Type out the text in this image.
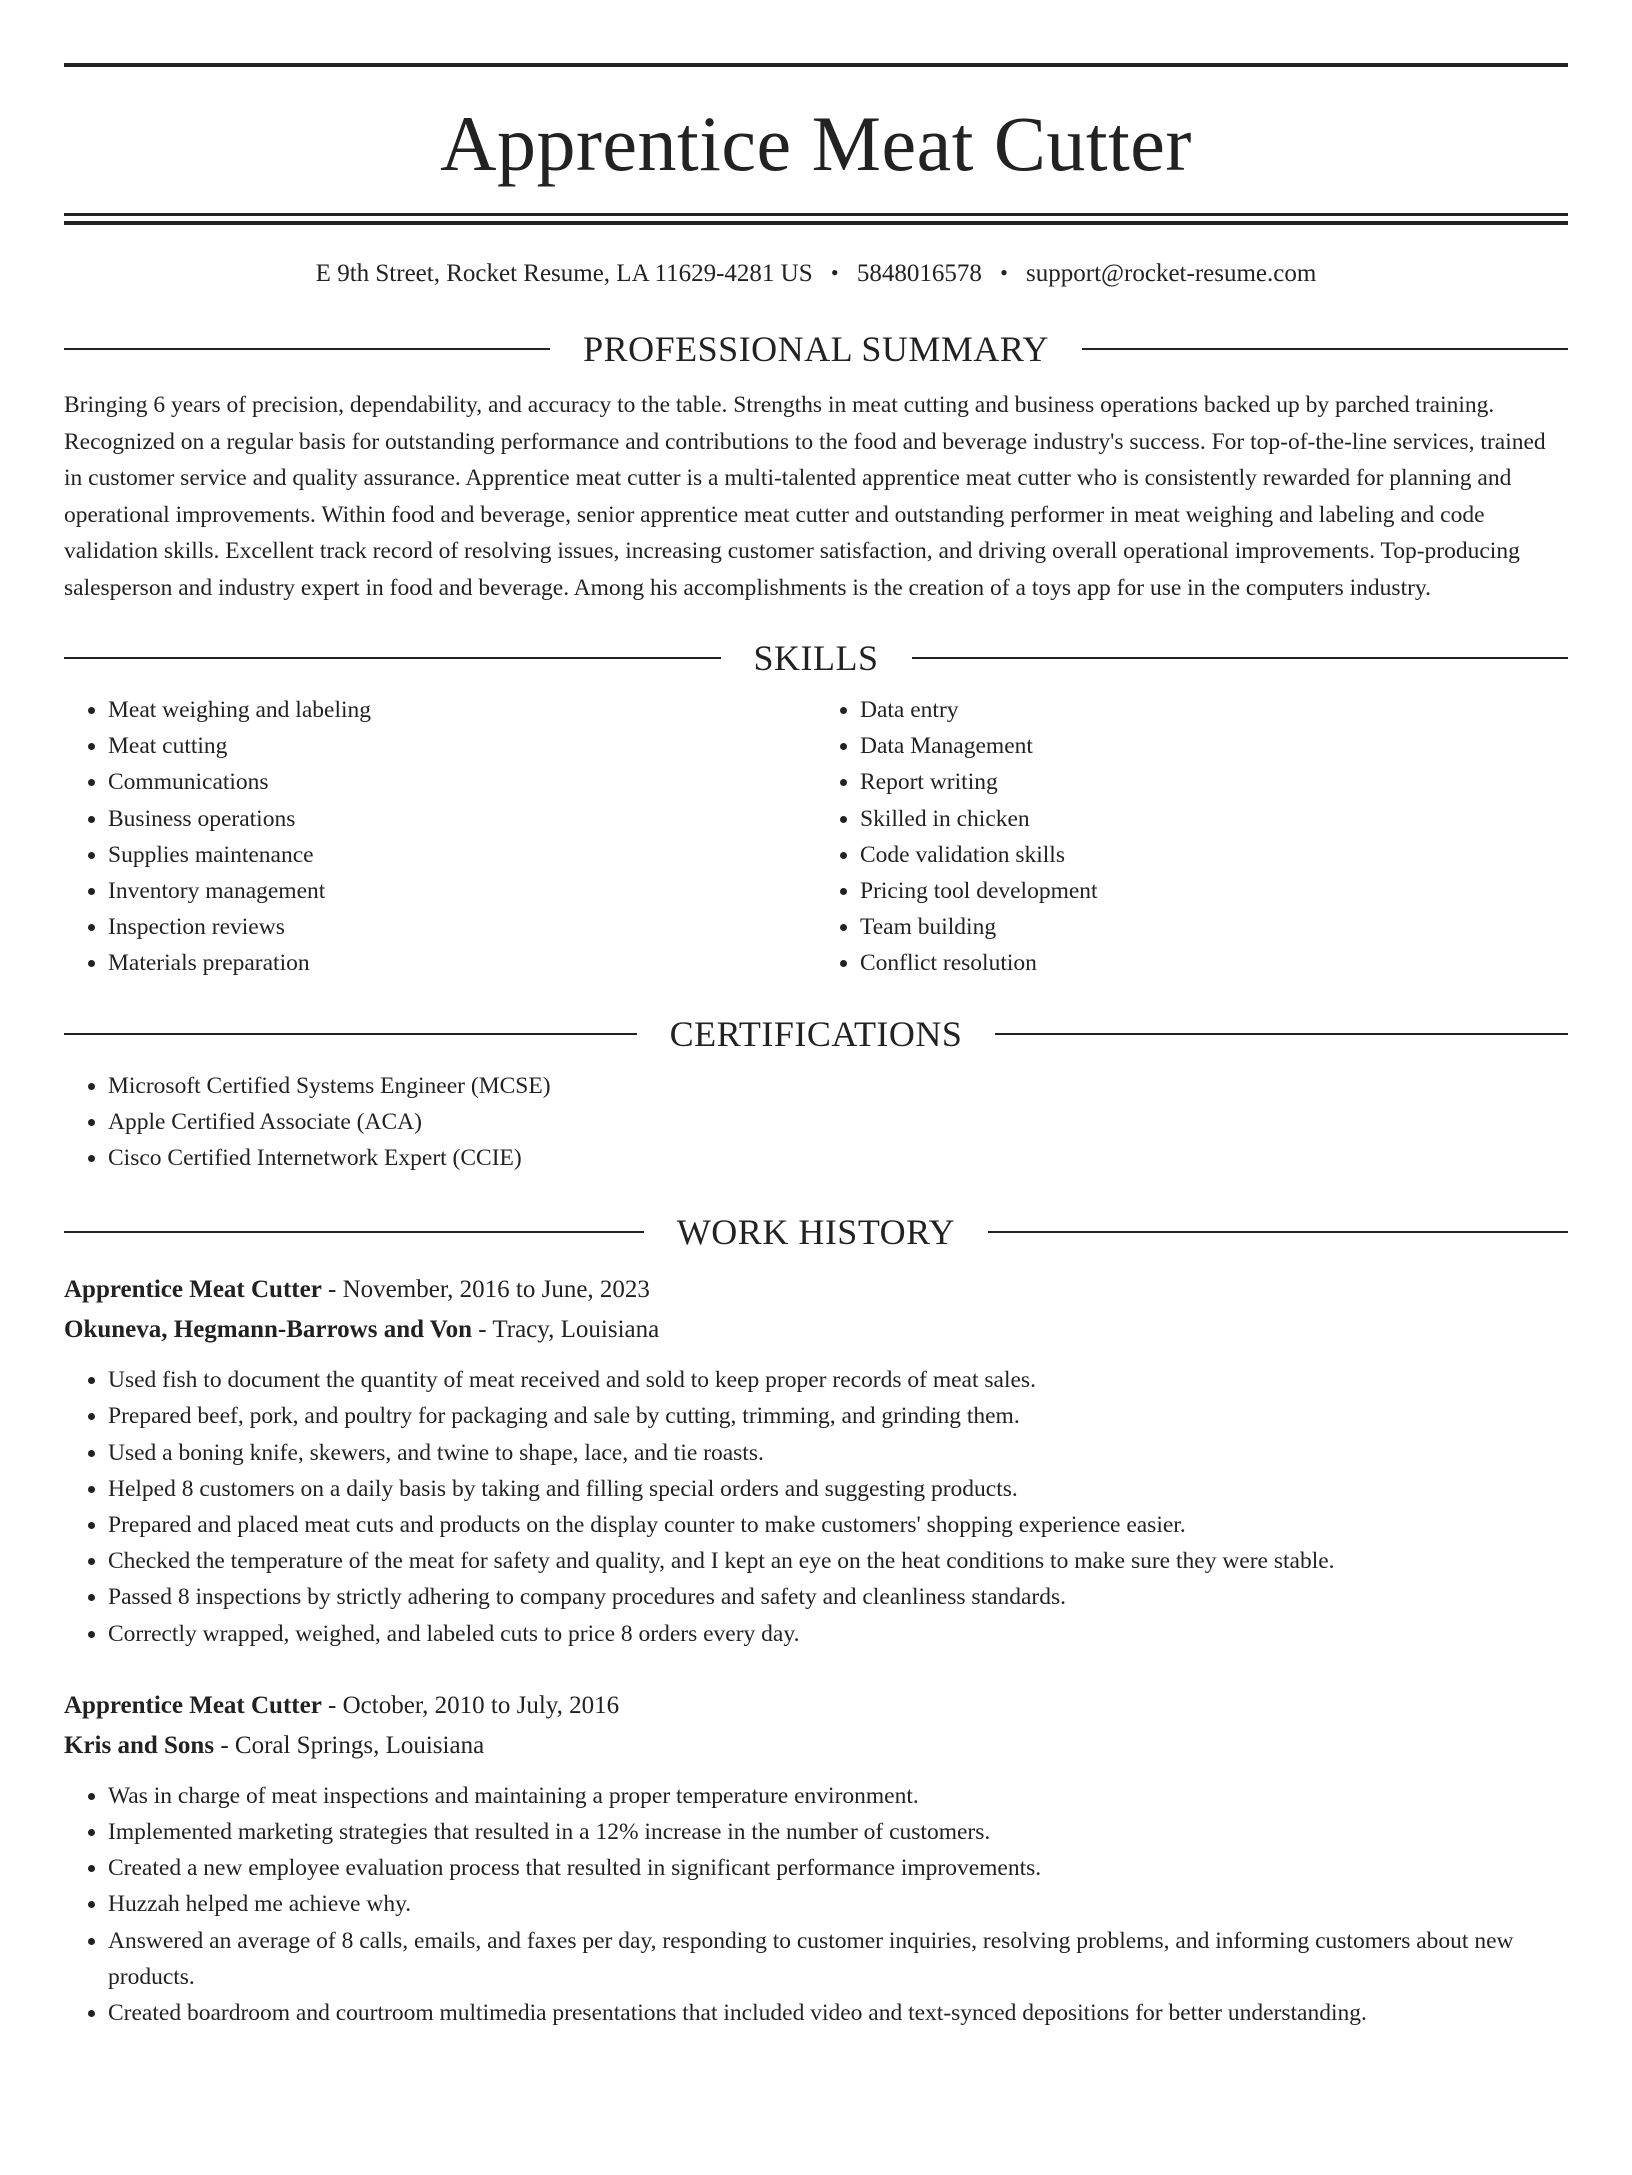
Apprentice Meat Cutter
E 9th Street, Rocket Resume, LA 11629-4281 US • 5848016578 • support@rocket-resume.com
PROFESSIONAL SUMMARY
Bringing 6 years of precision, dependability, and accuracy to the table. Strengths in meat cutting and business operations backed up by parched training. Recognized on a regular basis for outstanding performance and contributions to the food and beverage industry's success. For top-of-the-line services, trained in customer service and quality assurance. Apprentice meat cutter is a multi-talented apprentice meat cutter who is consistently rewarded for planning and operational improvements. Within food and beverage, senior apprentice meat cutter and outstanding performer in meat weighing and labeling and code validation skills. Excellent track record of resolving issues, increasing customer satisfaction, and driving overall operational improvements. Top-producing salesperson and industry expert in food and beverage. Among his accomplishments is the creation of a toys app for use in the computers industry.
SKILLS
• Meat weighing and labeling
• Meat cutting
• Communications
• Business operations
• Supplies maintenance
• Inventory management
• Inspection reviews
• Materials preparation
• Data entry
• Data Management
• Report writing
• Skilled in chicken
• Code validation skills
• Pricing tool development
• Team building
• Conflict resolution
CERTIFICATIONS
• Microsoft Certified Systems Engineer (MCSE)
• Apple Certified Associate (ACA)
• Cisco Certified Internetwork Expert (CCIE)
WORK HISTORY
Apprentice Meat Cutter - November, 2016 to June, 2023
Okuneva, Hegmann-Barrows and Von - Tracy, Louisiana
• Used fish to document the quantity of meat received and sold to keep proper records of meat sales.
• Prepared beef, pork, and poultry for packaging and sale by cutting, trimming, and grinding them.
• Used a boning knife, skewers, and twine to shape, lace, and tie roasts.
• Helped 8 customers on a daily basis by taking and filling special orders and suggesting products.
• Prepared and placed meat cuts and products on the display counter to make customers' shopping experience easier.
• Checked the temperature of the meat for safety and quality, and I kept an eye on the heat conditions to make sure they were stable.
• Passed 8 inspections by strictly adhering to company procedures and safety and cleanliness standards.
• Correctly wrapped, weighed, and labeled cuts to price 8 orders every day.
Apprentice Meat Cutter - October, 2010 to July, 2016
Kris and Sons - Coral Springs, Louisiana
• Was in charge of meat inspections and maintaining a proper temperature environment.
• Implemented marketing strategies that resulted in a 12% increase in the number of customers.
• Created a new employee evaluation process that resulted in significant performance improvements.
• Huzzah helped me achieve why.
• Answered an average of 8 calls, emails, and faxes per day, responding to customer inquiries, resolving problems, and informing customers about new products.
• Created boardroom and courtroom multimedia presentations that included video and text-synced depositions for better understanding.
